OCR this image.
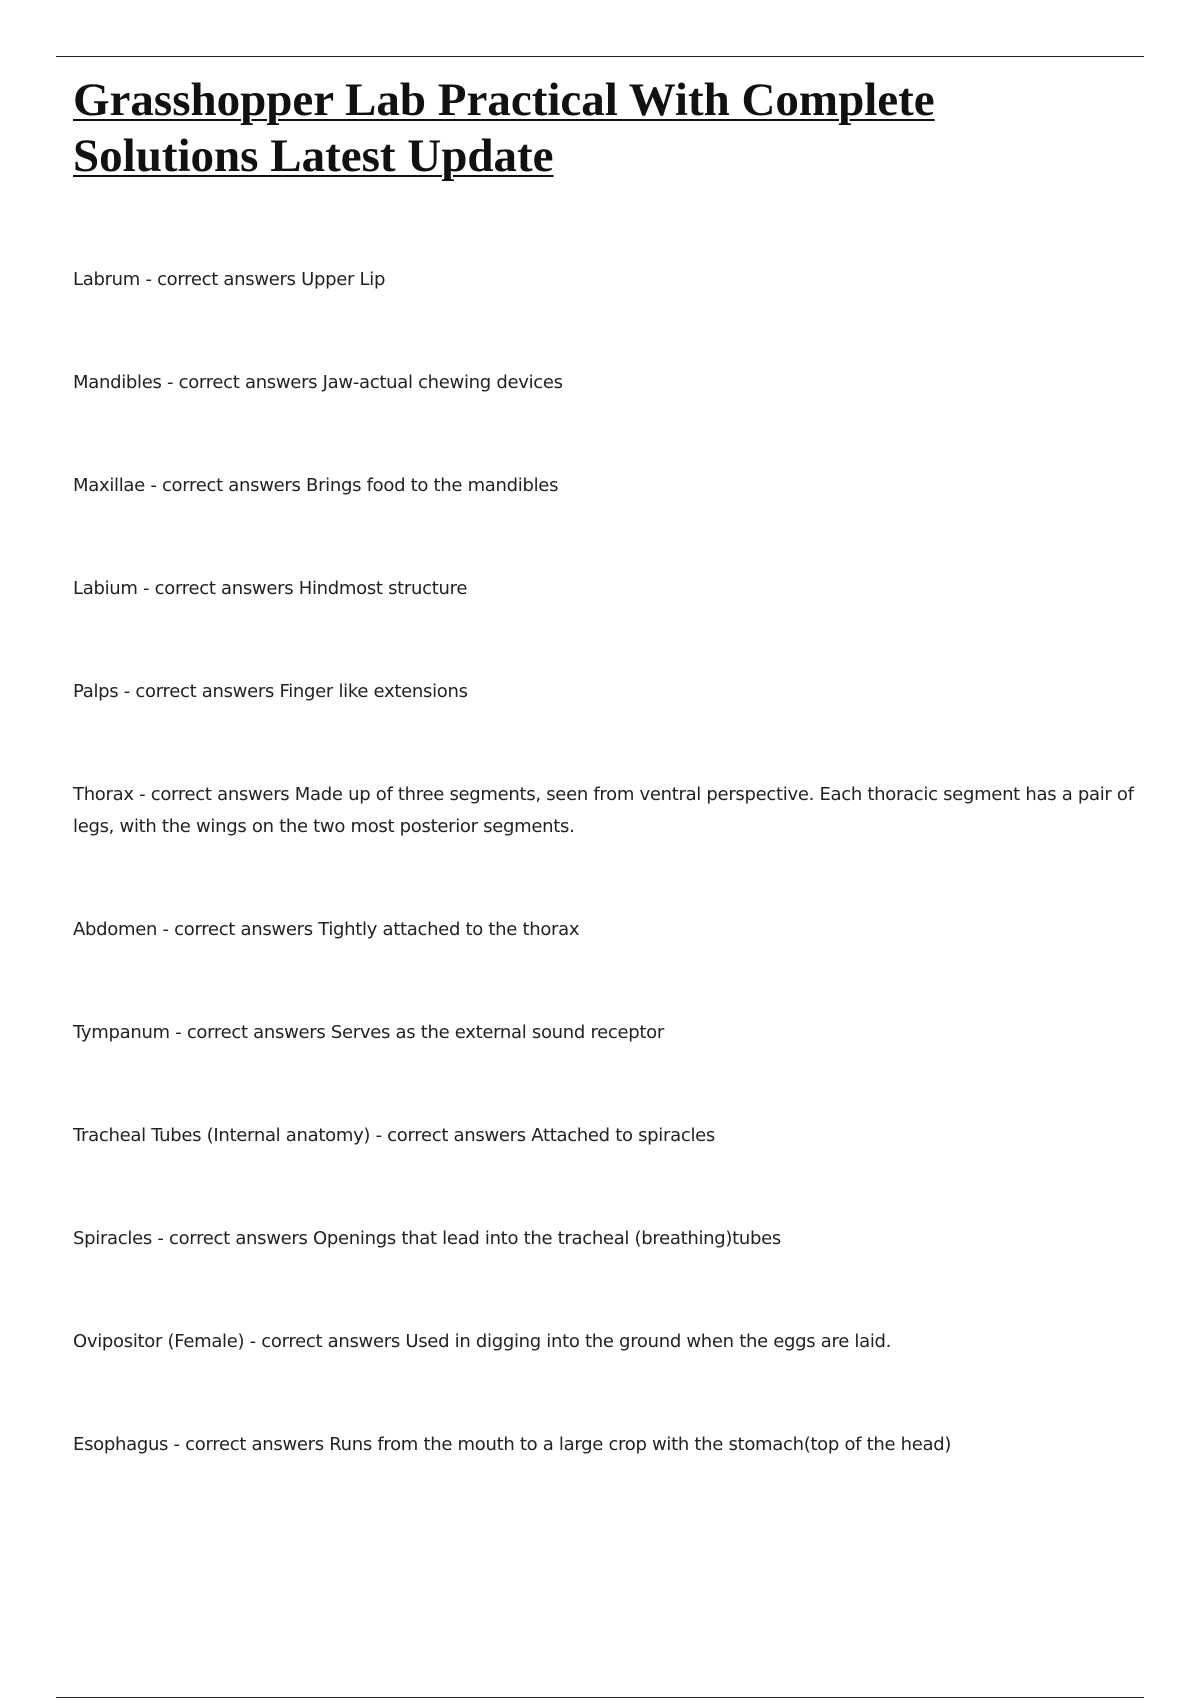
Grasshopper Lab Practical With Complete Solutions Latest Update
Labrum - correct answers Upper Lip
Mandibles - correct answers Jaw-actual chewing devices
Maxillae - correct answers Brings food to the mandibles
Labium - correct answers Hindmost structure
Palps - correct answers Finger like extensions
Thorax - correct answers Made up of three segments, seen from ventral perspective. Each thoracic segment has a pair of legs, with the wings on the two most posterior segments.
Abdomen - correct answers Tightly attached to the thorax
Tympanum - correct answers Serves as the external sound receptor
Tracheal Tubes (Internal anatomy) - correct answers Attached to spiracles
Spiracles - correct answers Openings that lead into the tracheal (breathing)tubes
Ovipositor (Female) - correct answers Used in digging into the ground when the eggs are laid.
Esophagus - correct answers Runs from the mouth to a large crop with the stomach(top of the head)
